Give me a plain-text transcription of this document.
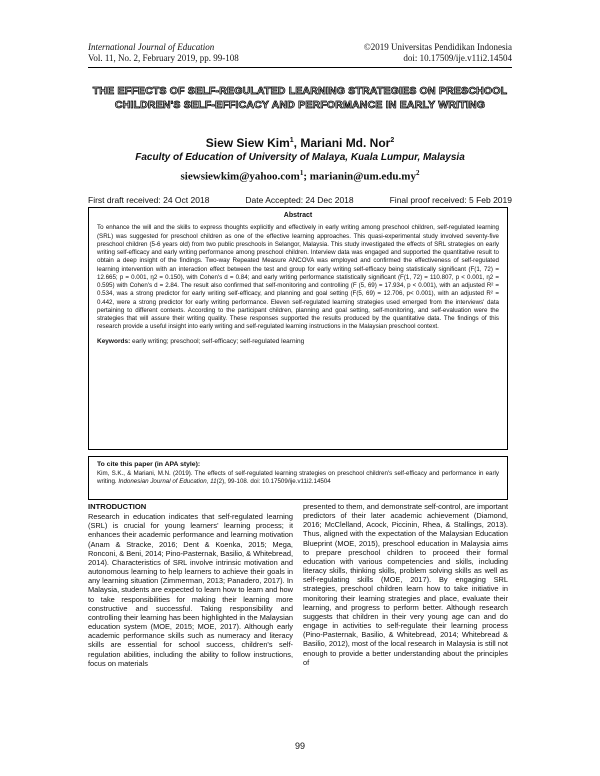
International Journal of Education
Vol. 11, No. 2, February 2019, pp. 99-108
©2019 Universitas Pendidikan Indonesia
doi: 10.17509/ije.v11i2.14504
THE EFFECTS OF SELF-REGULATED LEARNING STRATEGIES ON PRESCHOOL
CHILDREN'S SELF-EFFICACY AND PERFORMANCE IN EARLY WRITING
Siew Siew Kim$^1$, Mariani Md. Nor$^2$
Faculty of Education of University of Malaya, Kuala Lumpur, Malaysia
siewsiewkim@yahoo.com$^1$; $marianin@um.edu.my^2$
First draft received: 24 Oct 2018	Date Accepted: 24 Dec 2018	Final proof received: 5 Feb 2019
Abstract

To enhance the will and the skills to express thoughts explicitly and effectively in early writing among preschool children, self-regulated learning (SRL) was suggested for preschool children as one of the effective learning approaches. This quasi-experimental study involved seventy-five preschool children (5-6 years old) from two public preschools in Selangor, Malaysia. This study investigated the effects of SRL strategies on early writing self-efficacy and early writing performance among preschool children. Interview data was engaged and supported the quantitative result to obtain a deep insight of the findings. Two-way Repeated Measure ANCOVA was employed and confirmed the effectiveness of self-regulated learning intervention with an interaction effect between the test and group for early writing self-efficacy being statistically significant (F(1, 72) = 12.665; p = 0.001, η2 = 0.150), with Cohen's d = 0.84; and early writing performance statistically significant (F(1, 72) = 110.807, p < 0.001, η2 = 0.595) with Cohen's d = 2.84. The result also confirmed that self-monitoring and controlling (F (5, 69) = 17.934, p < 0.001), with an adjusted R² = 0.534, was a strong predictor for early writing self-efficacy, and planning and goal setting (F(5, 69) = 12.706, p< 0.001), with an adjusted R² = 0.442, were a strong predictor for early writing performance. Eleven self-regulated learning strategies used emerged from the interviews' data pertaining to different contexts. According to the participant children, planning and goal setting, self-monitoring, and self-evaluation were the strategies that will assure their writing quality. These responses supported the results produced by the quantitative data. The findings of this research provide a useful insight into early writing and self-regulated learning instructions in the Malaysian preschool context.

Keywords: early writing; preschool; self-efficacy; self-regulated learning
To cite this paper (in APA style):

Kim, S.K., & Mariani, M.N. (2019). The effects of self-regulated learning strategies on preschool children's self-efficacy and performance in early writing. Indonesian Journal of Education, 11(2), 99-108. doi: 10.17509/ije.v11i2.14504

INTRODUCTION

Research in education indicates that self-regulated learning (SRL) is crucial for young learners' learning process; it enhances their academic performance and learning motivation (Anam & Stracke, 2016; Dent & Koenka, 2015; Mega, Ronconi, & Beni, 2014; Pino-Pasternak, Basilio, & Whitebread, 2014). Characteristics of SRL involve intrinsic motivation and autonomous learning to help learners to achieve their goals in any learning situation (Zimmerman, 2013; Panadero, 2017). In Malaysia, students are expected to learn how to learn and how to take responsibilities for making their learning more constructive and successful. Taking responsibility and controlling their learning has been highlighted in the Malaysian education system (MOE, 2015; MOE, 2017). Although early academic performance skills such as numeracy and literacy skills are essential for school success, children's self-regulation abilities, including the ability to follow instructions, focus on materials

presented to them, and demonstrate self-control, are important predictors of their later academic achievement (Diamond, 2016; McClelland, Acock, Piccinin, Rhea, & Stallings, 2013). Thus, aligned with the expectation of the Malaysian Education Blueprint (MOE, 2015), preschool education in Malaysia aims to prepare preschool children to proceed their formal education with various competencies and skills, including literacy skills, thinking skills, problem solving skills as well as self-regulating skills (MOE, 2017). By engaging SRL strategies, preschool children learn how to take initiative in monitoring their learning strategies and place, evaluate their learning, and progress to perform better. Although research suggests that children in their very young age can and do engage in activities to self-regulate their learning process (Pino-Pasternak, Basilio, & Whitebread, 2014; Whitebread & Basilio, 2012), most of the local research in Malaysia is still not enough to provide a better understanding about the principles of

99
